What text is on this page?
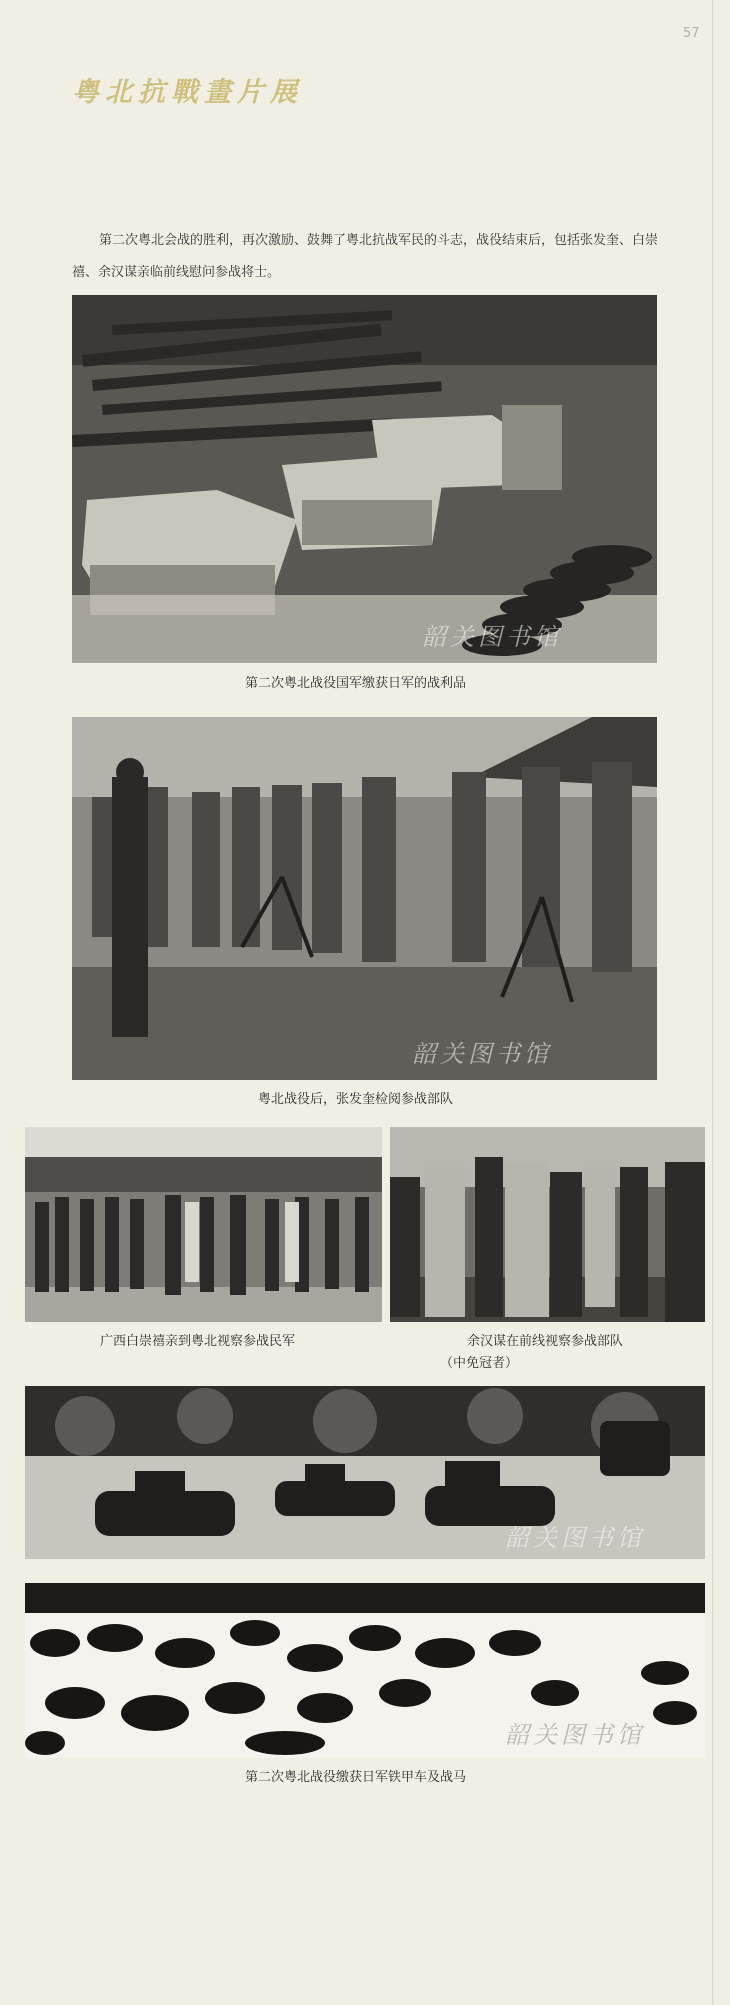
57
粤北抗戰畫片展

第二次粤北会战的胜利，再次激励、鼓舞了粤北抗战军民的斗志，战役结束后，包括张发奎、白崇禧、余汉谋亲临前线慰问参战将士。

韶关图书馆
第二次粤北战役国军缴获日军的战利品
韶关图书馆
粤北战役后，张发奎检阅参战部队
广西白崇禧亲到粤北视察参战民军	余汉谋在前线视察参战部队
（中免冠者）
韶关图书馆
韶关图书馆
第二次粤北战役缴获日军铁甲车及战马
